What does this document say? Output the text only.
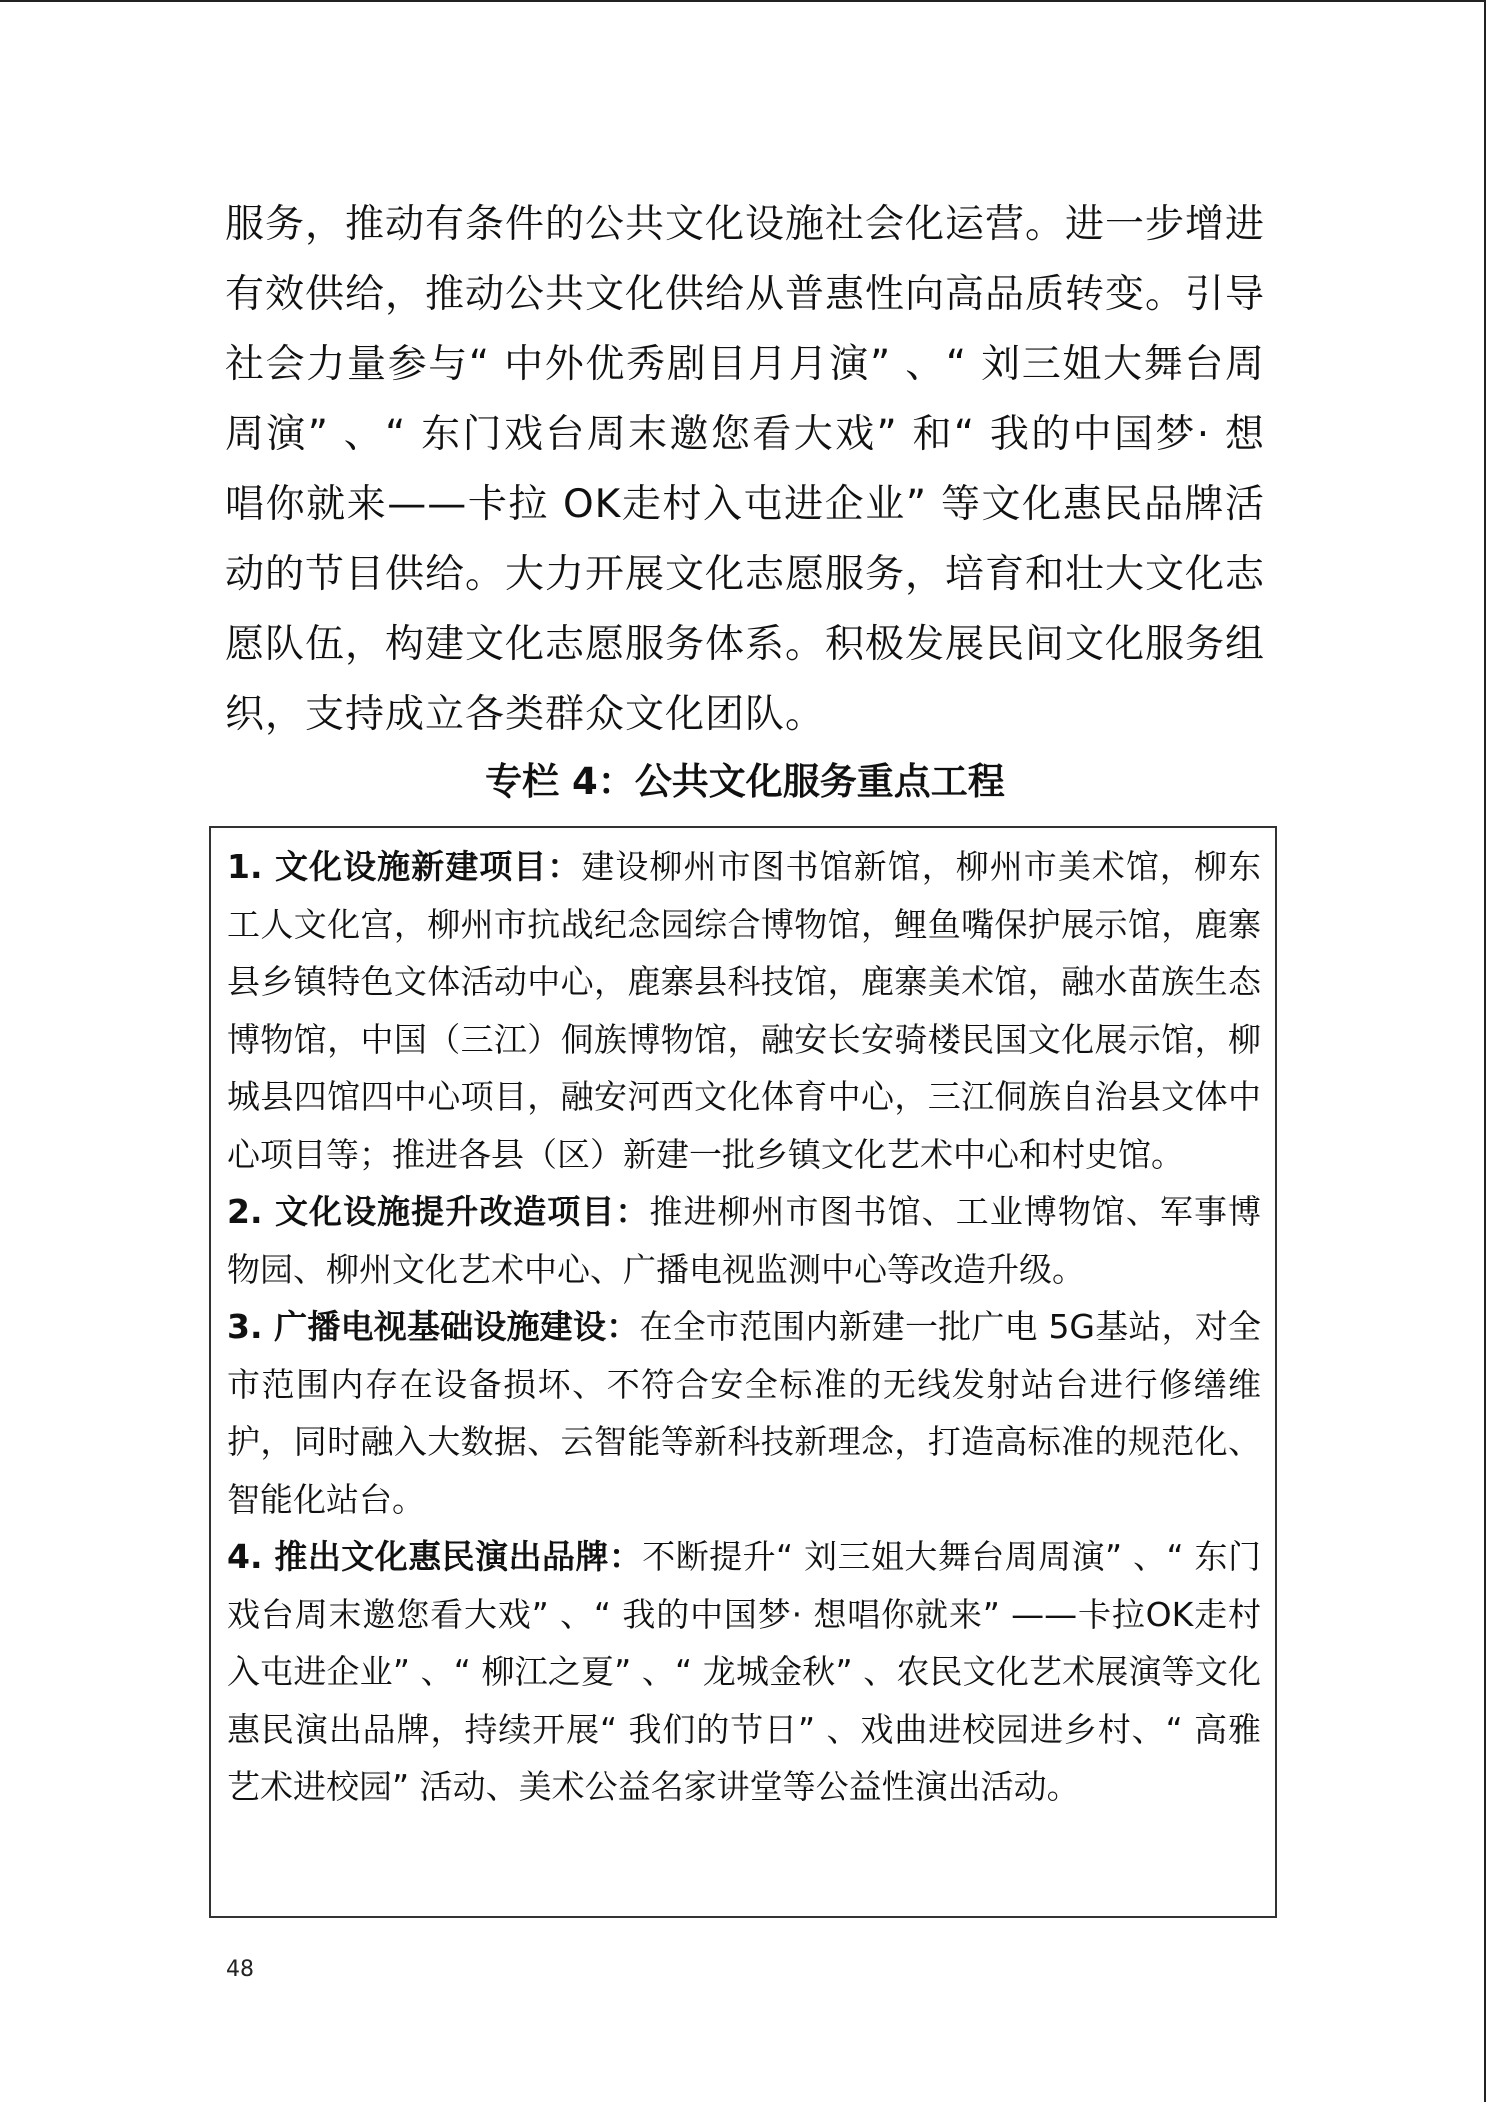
服务，推动有条件的公共文化设施社会化运营。进一步增进有效供给，推动公共文化供给从普惠性向高品质转变。引导社会力量参与“ 中外优秀剧目月月演” 、“ 刘三姐大舞台周周演” 、“ 东门戏台周末邀您看大戏” 和“ 我的中国梦· 想唱你就来——卡拉 OK走村入屯进企业” 等文化惠民品牌活动的节目供给。大力开展文化志愿服务，培育和壮大文化志愿队伍，构建文化志愿服务体系。积极发展民间文化服务组织，支持成立各类群众文化团队。

专栏 4：公共文化服务重点工程

1. 文化设施新建项目：建设柳州市图书馆新馆，柳州市美术馆，柳东工人文化宫，柳州市抗战纪念园综合博物馆，鲤鱼嘴保护展示馆，鹿寨县乡镇特色文体活动中心，鹿寨县科技馆，鹿寨美术馆，融水苗族生态博物馆，中国（三江）侗族博物馆，融安长安骑楼民国文化展示馆，柳城县四馆四中心项目，融安河西文化体育中心，三江侗族自治县文体中心项目等；推进各县（区）新建一批乡镇文化艺术中心和村史馆。

2. 文化设施提升改造项目：推进柳州市图书馆、工业博物馆、军事博物园、柳州文化艺术中心、广播电视监测中心等改造升级。

3. 广播电视基础设施建设：在全市范围内新建一批广电 5G基站，对全市范围内存在设备损坏、不符合安全标准的无线发射站台进行修缮维护，同时融入大数据、云智能等新科技新理念，打造高标准的规范化、智能化站台。

4. 推出文化惠民演出品牌：不断提升“ 刘三姐大舞台周周演” 、“ 东门戏台周末邀您看大戏” 、“ 我的中国梦· 想唱你就来” ——卡拉OK走村入屯进企业” 、“ 柳江之夏” 、“ 龙城金秋” 、农民文化艺术展演等文化惠民演出品牌，持续开展“ 我们的节日” 、戏曲进校园进乡村、“ 高雅艺术进校园” 活动、美术公益名家讲堂等公益性演出活动。

48
